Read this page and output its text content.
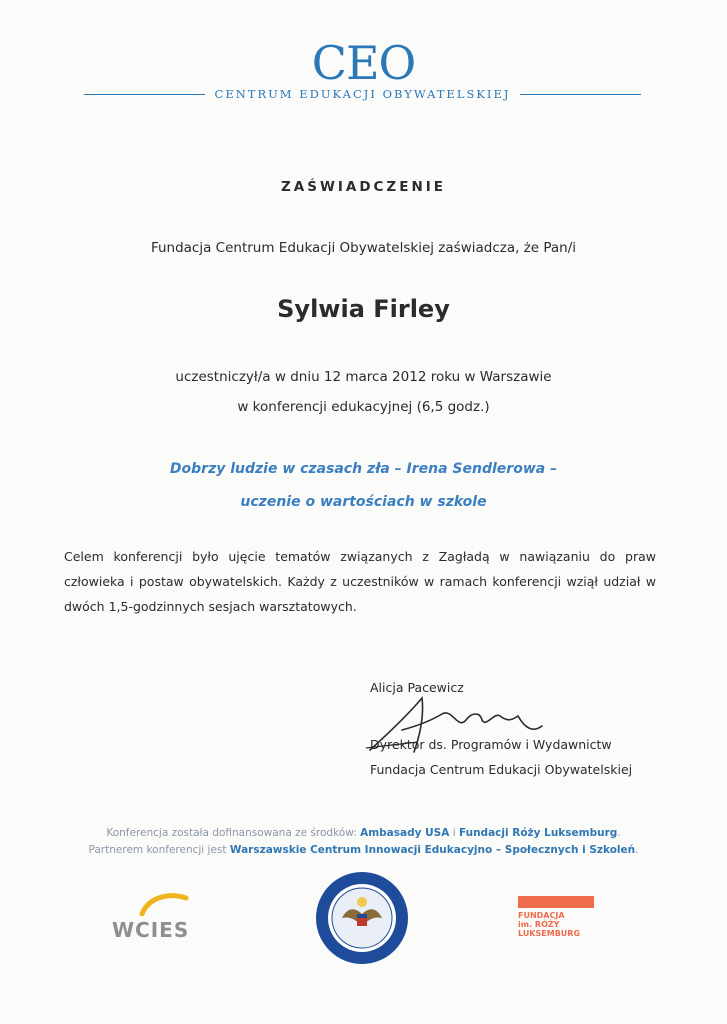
CEO
CENTRUM EDUKACJI OBYWATELSKIEJ
ZAŚWIADCZENIE
Fundacja Centrum Edukacji Obywatelskiej zaświadcza, że Pan/i
Sylwia Firley
uczestniczył/a w dniu 12 marca 2012 roku w Warszawie
w konferencji edukacyjnej (6,5 godz.)
Dobrzy ludzie w czasach zła – Irena Sendlerowa –
uczenie o wartościach w szkole
Celem konferencji było ujęcie tematów związanych z Zagładą w nawiązaniu do praw człowieka i postaw obywatelskich. Każdy z uczestników w ramach konferencji wziął udział w dwóch 1,5-godzinnych sesjach warsztatowych.
Alicja Pacewicz
Dyrektor ds. Programów i Wydawnictw
Fundacja Centrum Edukacji Obywatelskiej
Konferencja została dofinansowana ze środków: Ambasady USA i Fundacji Róży Luksemburg.
Partnerem konferencji jest Warszawskie Centrum Innowacji Edukacyjno – Społecznych i Szkoleń.
WCIES
FUNDACJA
im. RÓŻY
LUKSEMBURG
